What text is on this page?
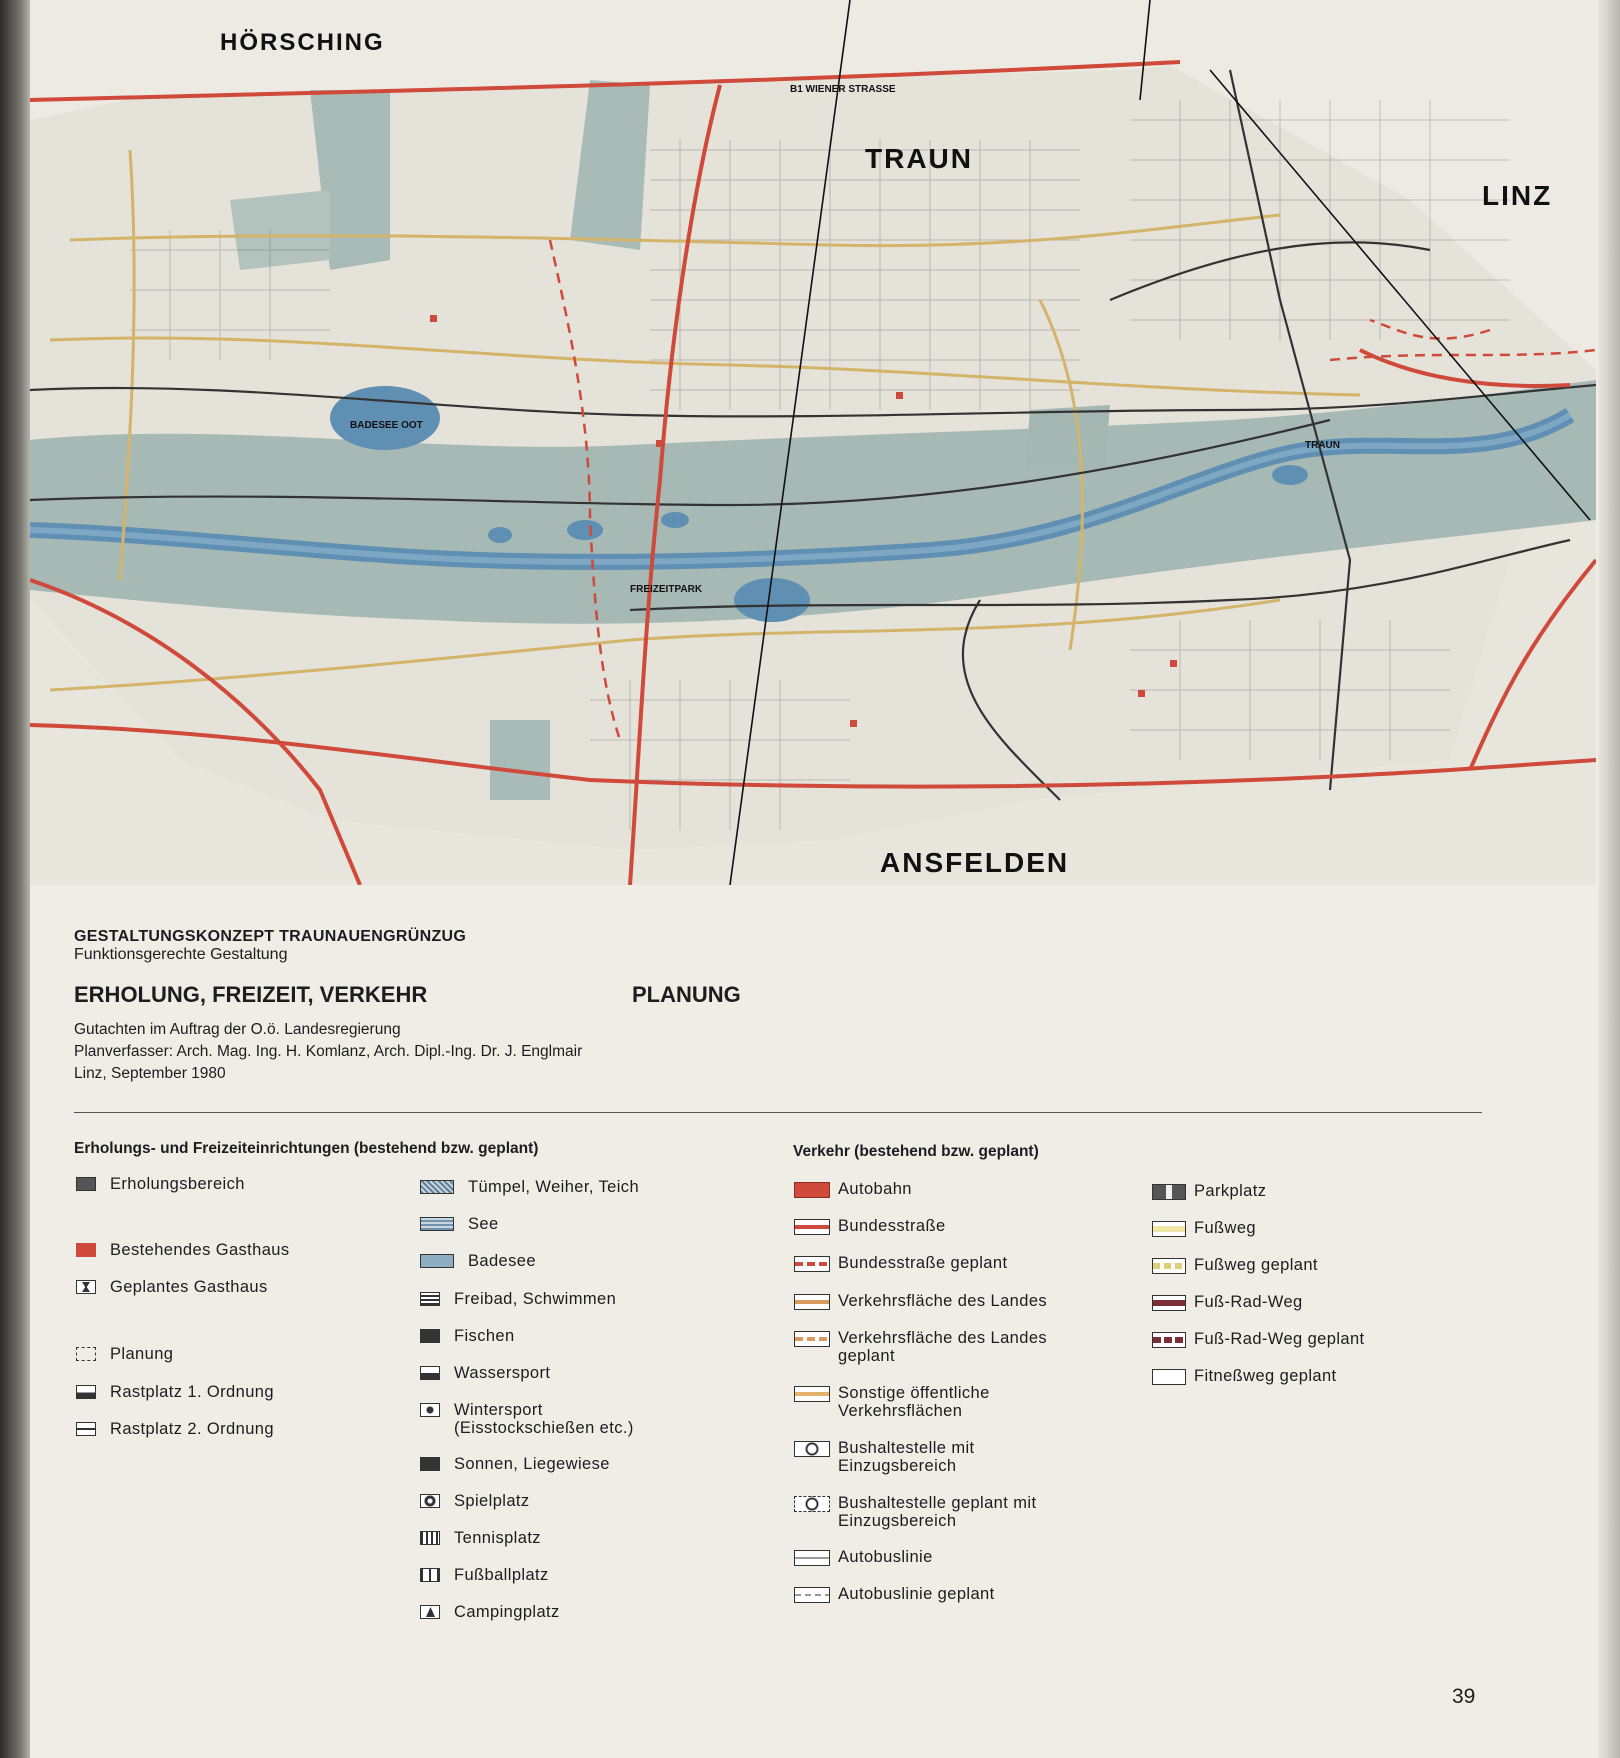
HÖRSCHING
TRAUN
LINZ
ANSFELDEN
B1 WIENER STRASSE
BADESEE OOT
FREIZEITPARK
TRAUN
GESTALTUNGSKONZEPT TRAUNAUENGRÜNZUG
Funktionsgerechte Gestaltung
ERHOLUNG, FREIZEIT, VERKEHR	PLANUNG
Gutachten im Auftrag der O.ö. Landesregierung
Planverfasser: Arch. Mag. Ing. H. Komlanz, Arch. Dipl.-Ing. Dr. J. Englmair
Linz, September 1980
Erholungs- und Freizeiteinrichtungen (bestehend bzw. geplant)	Verkehr (bestehend bzw. geplant)
Erholungsbereich
Bestehendes Gasthaus
Geplantes Gasthaus
Planung
Rastplatz 1. Ordnung
Rastplatz 2. Ordnung
Tümpel, Weiher, Teich
See
Badesee
Freibad, Schwimmen
Fischen
Wassersport
Wintersport
(Eisstockschießen etc.)
Sonnen, Liegewiese
Spielplatz
Tennisplatz
Fußballplatz
Campingplatz
Autobahn
Bundesstraße
Bundesstraße geplant
Verkehrsfläche des Landes
Verkehrsfläche des Landes
geplant
Sonstige öffentliche
Verkehrsflächen
Bushaltestelle mit
Einzugsbereich
Bushaltestelle geplant mit
Einzugsbereich
Autobuslinie
Autobuslinie geplant
Parkplatz
Fußweg
Fußweg geplant
Fuß-Rad-Weg
Fuß-Rad-Weg geplant
Fitneßweg geplant
39
